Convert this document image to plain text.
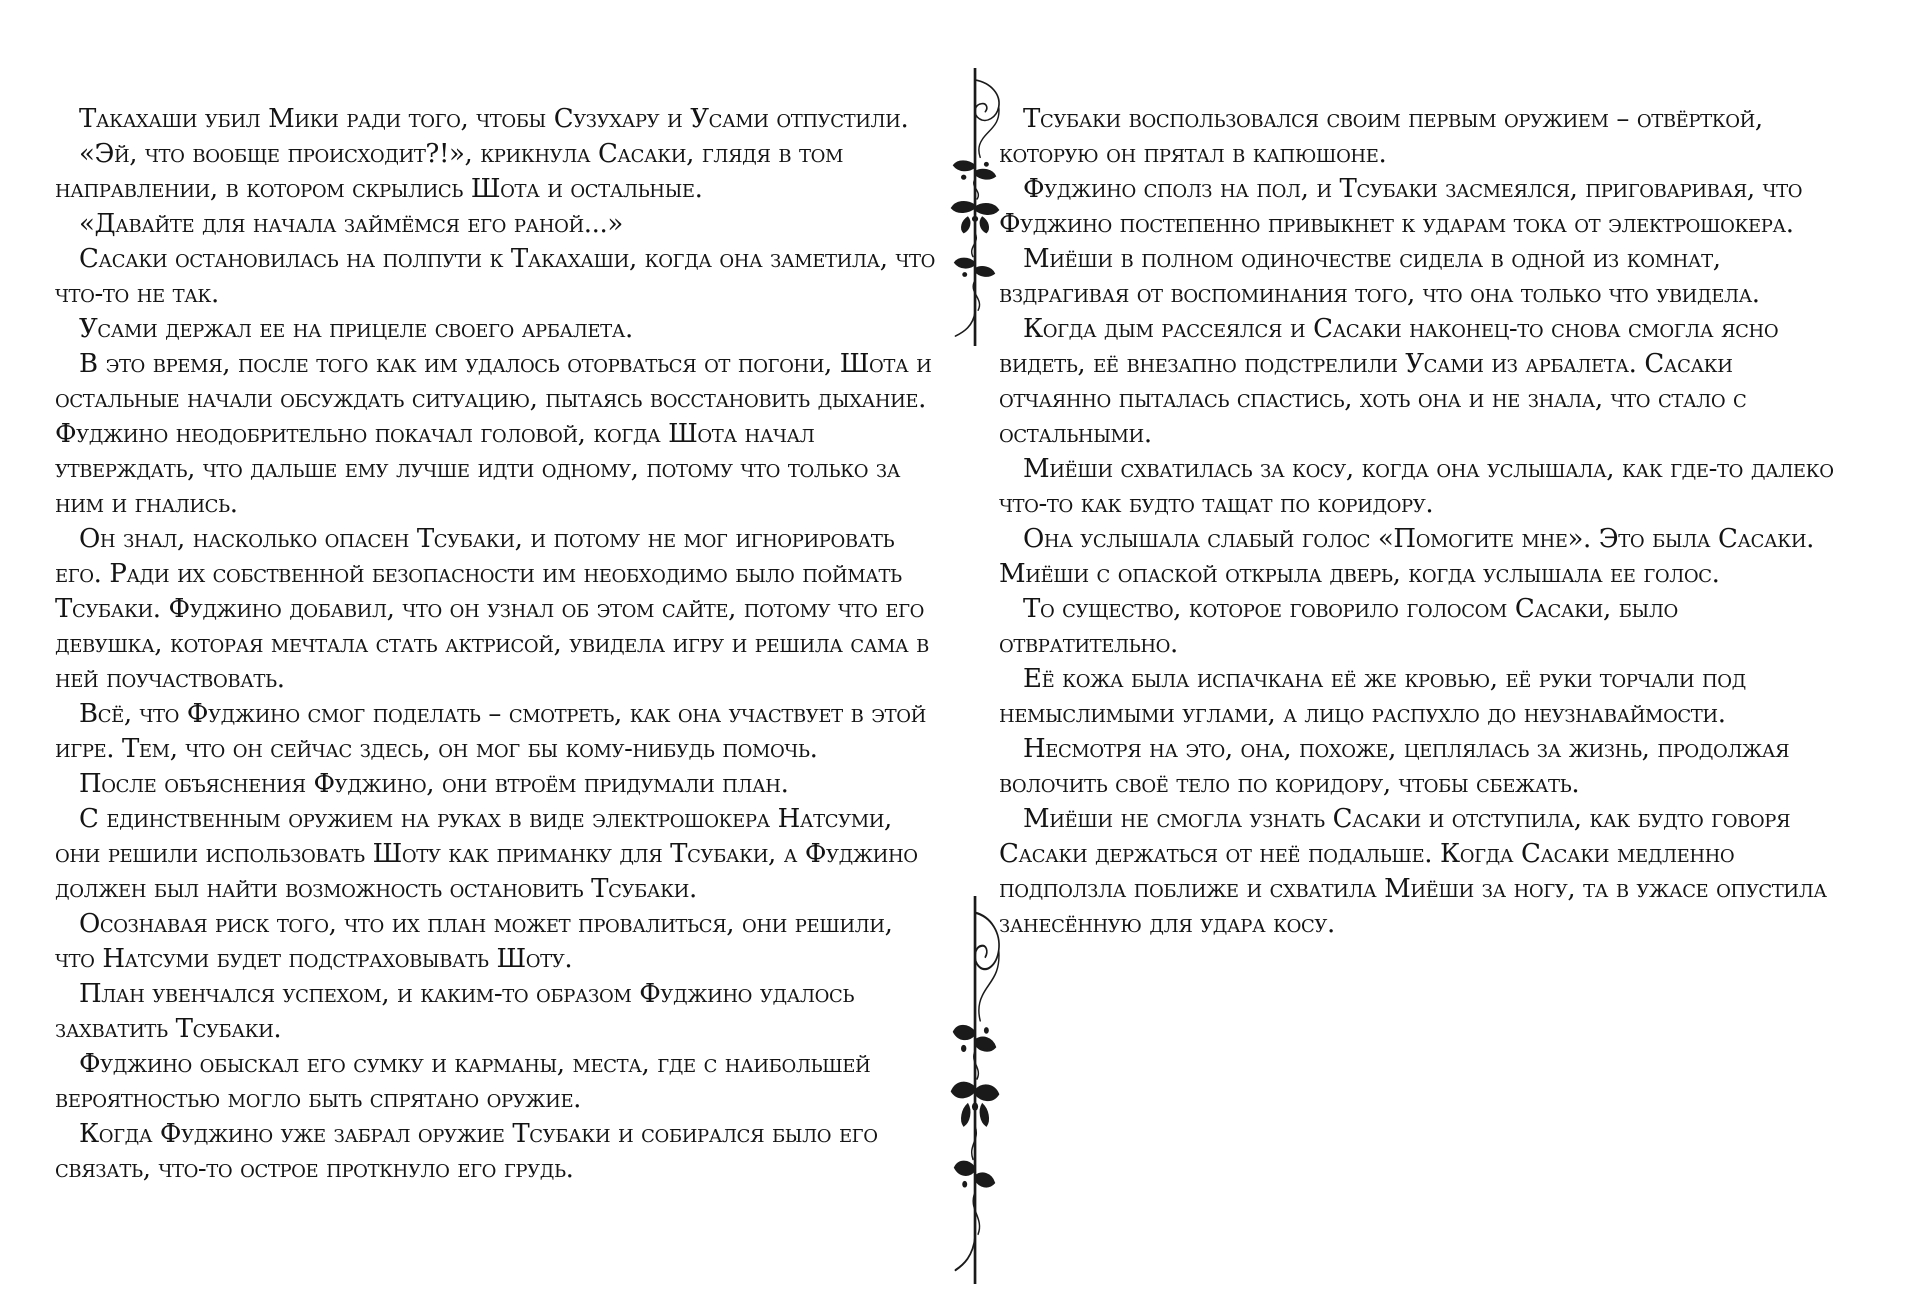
Такахаши убил Мики ради того, чтобы Сузухару и Усами отпустили.

«Эй, что вообще происходит?!», крикнула Сасаки, глядя в том направлении, в котором скрылись Шота и остальные.

«Давайте для начала займёмся его раной...»

Сасаки остановилась на полпути к Такахаши, когда она заметила, что что-то не так.

Усами держал ее на прицеле своего арбалета.

В это время, после того как им удалось оторваться от погони, Шота и остальные начали обсуждать ситуацию, пытаясь восстановить дыхание. Фуджино неодобрительно покачал головой, когда Шота начал утверждать, что дальше ему лучше идти одному, потому что только за ним и гнались.

Он знал, насколько опасен Тсубаки, и потому не мог игнорировать его. Ради их собственной безопасности им необходимо было поймать Тсубаки. Фуджино добавил, что он узнал об этом сайте, потому что его девушка, которая мечтала стать актрисой, увидела игру и решила сама в ней поучаствовать.

Всё, что Фуджино смог поделать – смотреть, как она участвует в этой игре. Тем, что он сейчас здесь, он мог бы кому-нибудь помочь.

После объяснения Фуджино, они втроём придумали план.

С единственным оружием на руках в виде электрошокера Натсуми, они решили использовать Шоту как приманку для Тсубаки, а Фуджино должен был найти возможность остановить Тсубаки.

Осознавая риск того, что их план может провалиться, они решили, что Натсуми будет подстраховывать Шоту.

План увенчался успехом, и каким-то образом Фуджино удалось захватить Тсубаки.

Фуджино обыскал его сумку и карманы, места, где с наибольшей вероятностью могло быть спрятано оружие.

Когда Фуджино уже забрал оружие Тсубаки и собирался было его связать, что-то острое проткнуло его грудь.

Тсубаки воспользовался своим первым оружием – отвёрткой, которую он прятал в капюшоне.

Фуджино сполз на пол, и Тсубаки засмеялся, приговаривая, что Фуджино постепенно привыкнет к ударам тока от электрошокера.

Миёши в полном одиночестве сидела в одной из комнат, вздрагивая от воспоминания того, что она только что увидела.

Когда дым рассеялся и Сасаки наконец-то снова смогла ясно видеть, её внезапно подстрелили Усами из арбалета. Сасаки отчаянно пыталась спастись, хоть она и не знала, что стало с остальными.

Миёши схватилась за косу, когда она услышала, как где-то далеко что-то как будто тащат по коридору.

Она услышала слабый голос «Помогите мне». Это была Сасаки. Миёши с опаской открыла дверь, когда услышала ее голос.

То существо, которое говорило голосом Сасаки, было отвратительно.

Её кожа была испачкана её же кровью, её руки торчали под немыслимыми углами, а лицо распухло до неузнаваймости.

Несмотря на это, она, похоже, цеплялась за жизнь, продолжая волочить своё тело по коридору, чтобы сбежать.

Миёши не смогла узнать Сасаки и отступила, как будто говоря Сасаки держаться от неё подальше. Когда Сасаки медленно подползла поближе и схватила Миёши за ногу, та в ужасе опустила занесённую для удара косу.
